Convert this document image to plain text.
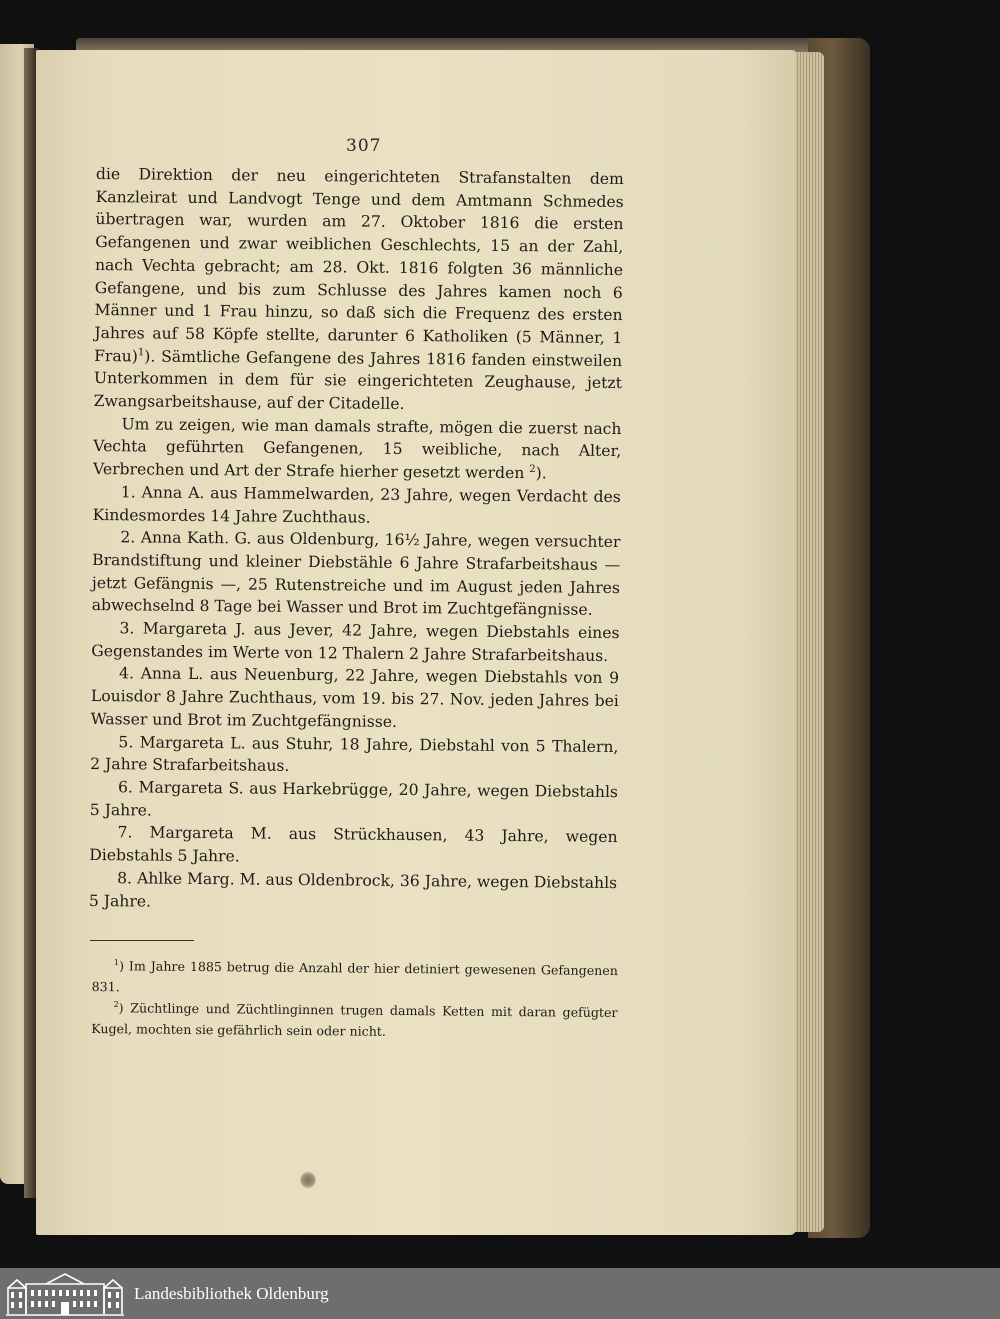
307

die Direktion der neu eingerichteten Strafanstalten dem Kanzleirat und Landvogt Tenge und dem Amtmann Schmedes übertragen war, wurden am 27. Oktober 1816 die ersten Gefangenen und zwar weiblichen Geschlechts, 15 an der Zahl, nach Vechta gebracht; am 28. Okt. 1816 folgten 36 männliche Gefangene, und bis zum Schlusse des Jahres kamen noch 6 Männer und 1 Frau hinzu, so daß sich die Frequenz des ersten Jahres auf 58 Köpfe stellte, darunter 6 Katholiken (5 Männer, 1 Frau)$^1$). Sämtliche Gefangene des Jahres 1816 fanden einstweilen Unterkommen in dem für sie eingerichteten Zeughause, jetzt Zwangsarbeitshause, auf der Citadelle.

Um zu zeigen, wie man damals strafte, mögen die zuerst nach Vechta geführten Gefangenen, 15 weibliche, nach Alter, Verbrechen und Art der Strafe hierher gesetzt werden $^2$).

1. Anna A. aus Hammelwarden, 23 Jahre, wegen Verdacht des Kindesmordes 14 Jahre Zuchthaus.

2. Anna Kath. G. aus Oldenburg, 16½ Jahre, wegen versuchter Brandstiftung und kleiner Diebstähle 6 Jahre Strafarbeitshaus — jetzt Gefängnis —, 25 Rutenstreiche und im August jeden Jahres abwechselnd 8 Tage bei Wasser und Brot im Zuchtgefängnisse.

3. Margareta J. aus Jever, 42 Jahre, wegen Diebstahls eines Gegenstandes im Werte von 12 Thalern 2 Jahre Strafarbeitshaus.

4. Anna L. aus Neuenburg, 22 Jahre, wegen Diebstahls von 9 Louisdor 8 Jahre Zuchthaus, vom 19. bis 27. Nov. jeden Jahres bei Wasser und Brot im Zuchtgefängnisse.

5. Margareta L. aus Stuhr, 18 Jahre, Diebstahl von 5 Thalern, 2 Jahre Strafarbeitshaus.

6. Margareta S. aus Harkebrügge, 20 Jahre, wegen Diebstahls 5 Jahre.

7. Margareta M. aus Strückhausen, 43 Jahre, wegen Diebstahls 5 Jahre.

8. Ahlke Marg. M. aus Oldenbrock, 36 Jahre, wegen Diebstahls 5 Jahre.

$^1$) Im Jahre 1885 betrug die Anzahl der hier detiniert gewesenen Gefangenen 831.

$^2$) Züchtlinge und Züchtlinginnen trugen damals Ketten mit daran gefügter Kugel, mochten sie gefährlich sein oder nicht.

Landesbibliothek Oldenburg
